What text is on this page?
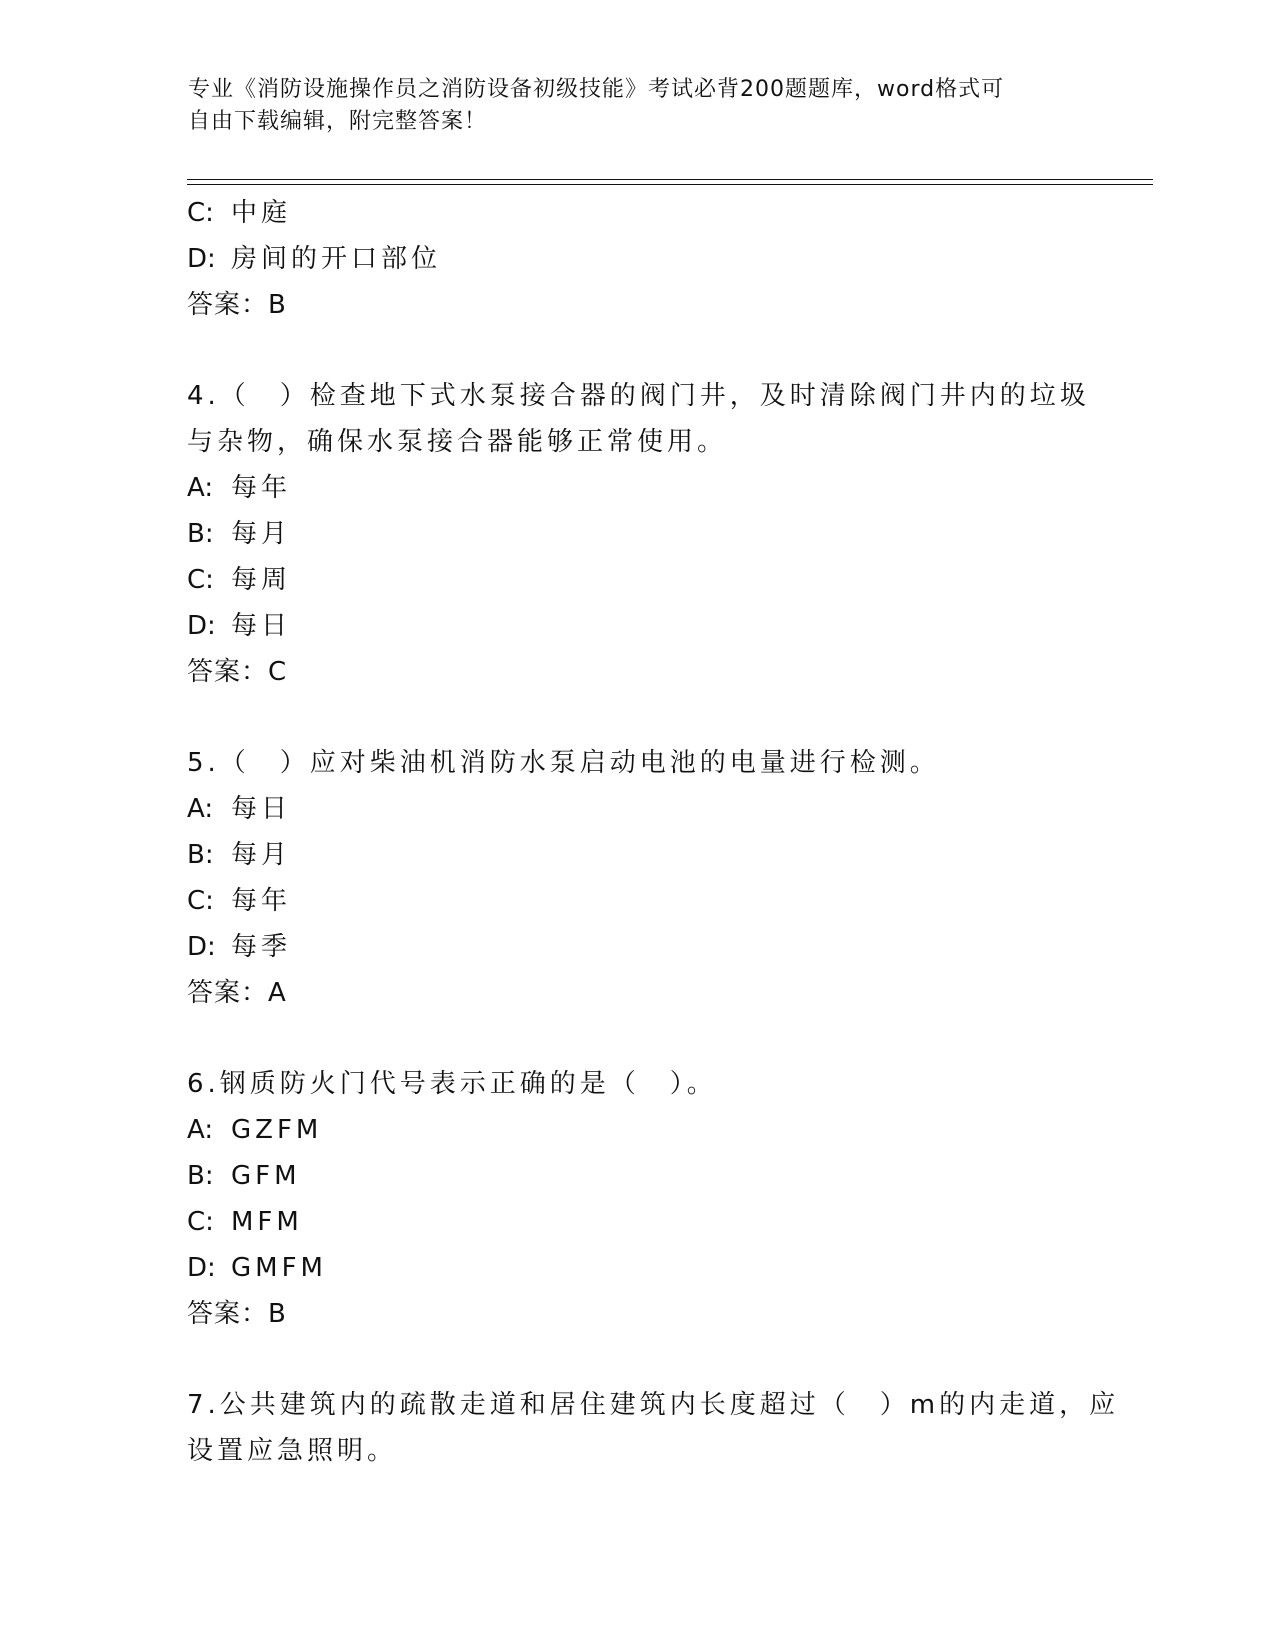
专业《消防设施操作员之消防设备初级技能》考试必背200题题库，word格式可
自由下载编辑，附完整答案！
C: 中庭
D: 房间的开口部位
答案：B
4.（　）检查地下式水泵接合器的阀门井，及时清除阀门井内的垃圾
与杂物，确保水泵接合器能够正常使用。
A: 每年
B: 每月
C: 每周
D: 每日
答案：C
5.（　）应对柴油机消防水泵启动电池的电量进行检测。
A: 每日
B: 每月
C: 每年
D: 每季
答案：A
6.钢质防火门代号表示正确的是（　）。
A: GZFM
B: GFM
C: MFM
D: GMFM
答案：B
7.公共建筑内的疏散走道和居住建筑内长度超过（　）m的内走道，应
设置应急照明。
